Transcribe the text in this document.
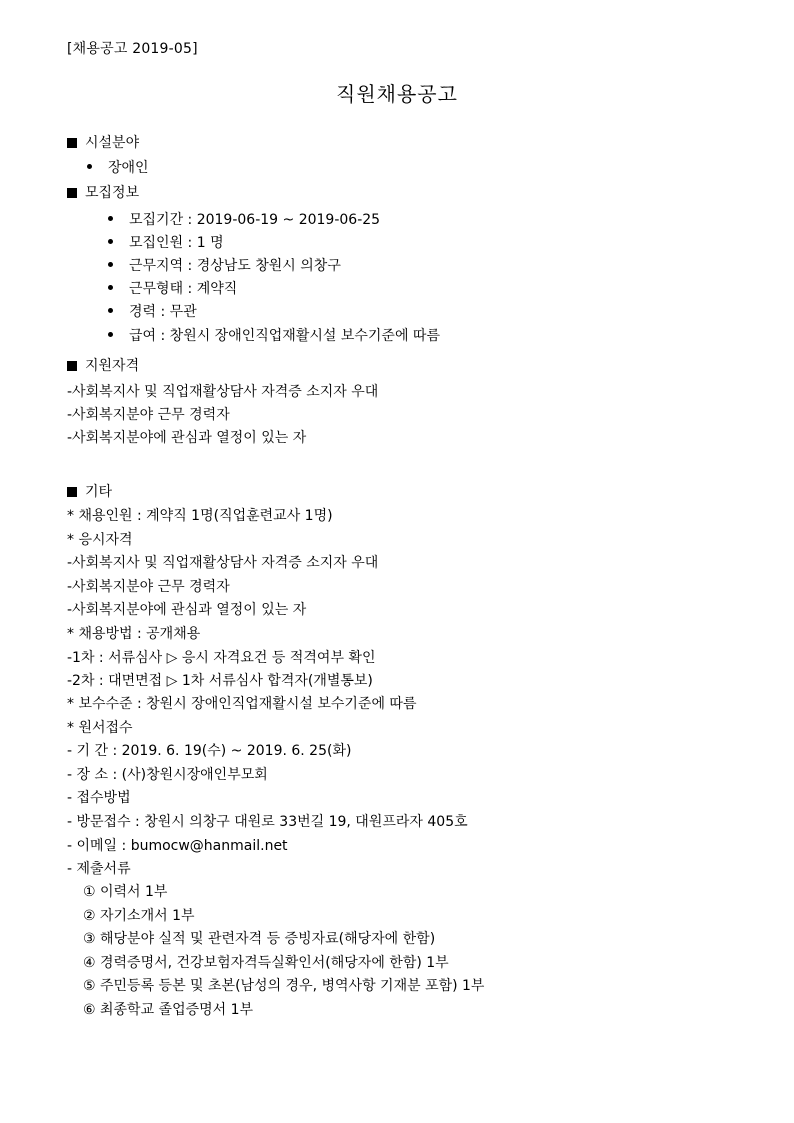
[채용공고 2019-05]
직원채용공고
시설분야
장애인
모집정보
모집기간 : 2019-06-19 ~ 2019-06-25
모집인원 : 1 명
근무지역 : 경상남도 창원시 의창구
근무형태 : 계약직
경력 : 무관
급여 : 창원시 장애인직업재활시설 보수기준에 따름
지원자격
-사회복지사 및 직업재활상담사 자격증 소지자 우대
-사회복지분야 근무 경력자
-사회복지분야에 관심과 열정이 있는 자
기타
* 채용인원 : 계약직 1명(직업훈련교사 1명)
* 응시자격
-사회복지사 및 직업재활상담사 자격증 소지자 우대
-사회복지분야 근무 경력자
-사회복지분야에 관심과 열정이 있는 자
* 채용방법 : 공개채용
-1차 : 서류심사 ▷ 응시 자격요건 등 적격여부 확인
-2차 : 대면면접 ▷ 1차 서류심사 합격자(개별통보)
* 보수수준 : 창원시 장애인직업재활시설 보수기준에 따름
* 원서접수
- 기 간 : 2019. 6. 19(수) ~ 2019. 6. 25(화)
- 장 소 : (사)창원시장애인부모회
- 접수방법
- 방문접수 : 창원시 의창구 대원로 33번길 19, 대원프라자 405호
- 이메일 : bumocw@hanmail.net
- 제출서류
① 이력서 1부
② 자기소개서 1부
③ 해당분야 실적 및 관련자격 등 증빙자료(해당자에 한함)
④ 경력증명서, 건강보험자격득실확인서(해당자에 한함) 1부
⑤ 주민등록 등본 및 초본(남성의 경우, 병역사항 기재분 포함) 1부
⑥ 최종학교 졸업증명서 1부
